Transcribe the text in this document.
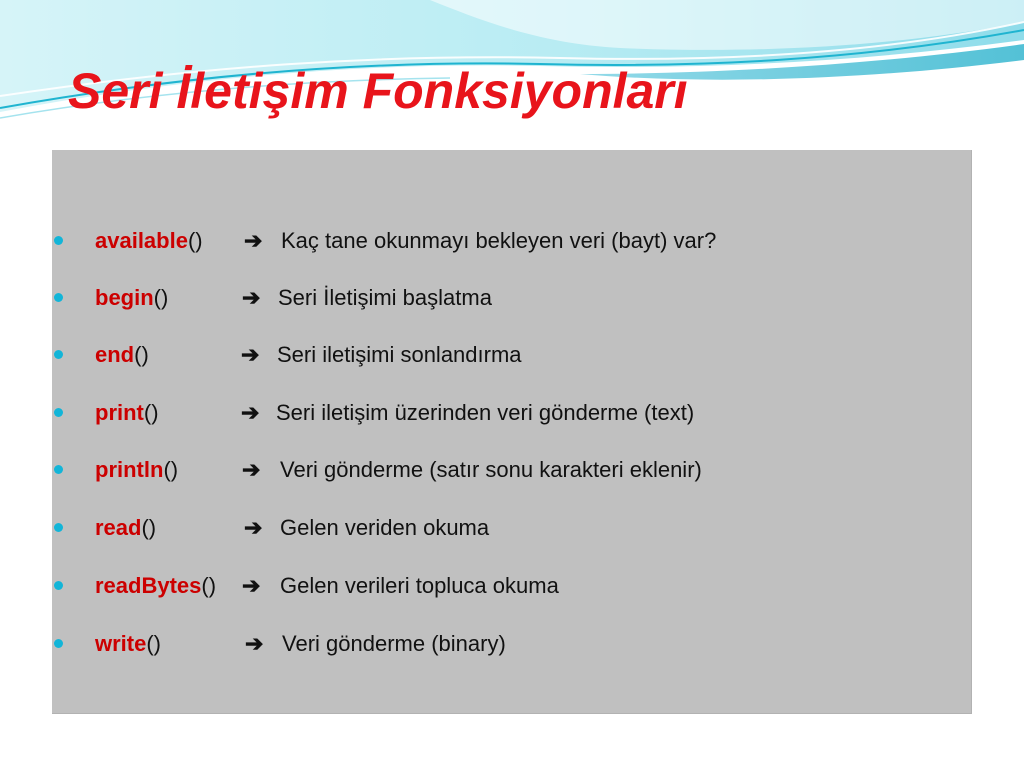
Seri İletişim Fonksiyonları
available() ➔ Kaç tane okunmayı bekleyen veri (bayt) var?
begin()	➔ Seri İletişimi başlatma
end()	➔ Seri iletişimi sonlandırma
print()	➔ Seri iletişim üzerinden veri gönderme (text)
println()	➔ Veri gönderme (satır sonu karakteri eklenir)
read()	➔ Gelen veriden okuma
readBytes() ➔ Gelen verileri topluca okuma
write()	➔ Veri gönderme (binary)
